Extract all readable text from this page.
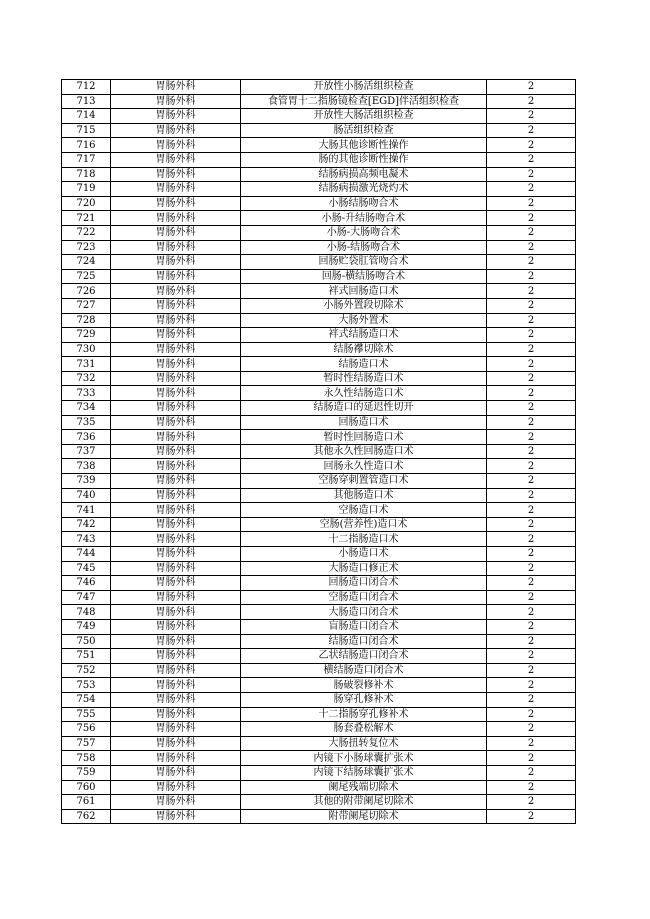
712	胃肠外科	开放性小肠活组织检查	2
713	胃肠外科	食管胃十二指肠镜检查[EGD]伴活组织检查	2
714	胃肠外科	开放性大肠活组织检查	2
715	胃肠外科	肠活组织检查	2
716	胃肠外科	大肠其他诊断性操作	2
717	胃肠外科	肠的其他诊断性操作	2
718	胃肠外科	结肠病损高频电凝术	2
719	胃肠外科	结肠病损激光烧灼术	2
720	胃肠外科	小肠结肠吻合术	2
721	胃肠外科	小肠-升结肠吻合术	2
722	胃肠外科	小肠-大肠吻合术	2
723	胃肠外科	小肠-结肠吻合术	2
724	胃肠外科	回肠贮袋肛管吻合术	2
725	胃肠外科	回肠-横结肠吻合术	2
726	胃肠外科	袢式回肠造口术	2
727	胃肠外科	小肠外置段切除术	2
728	胃肠外科	大肠外置术	2
729	胃肠外科	袢式结肠造口术	2
730	胃肠外科	结肠襻切除术	2
731	胃肠外科	结肠造口术	2
732	胃肠外科	暂时性结肠造口术	2
733	胃肠外科	永久性结肠造口术	2
734	胃肠外科	结肠造口的延迟性切开	2
735	胃肠外科	回肠造口术	2
736	胃肠外科	暂时性回肠造口术	2
737	胃肠外科	其他永久性回肠造口术	2
738	胃肠外科	回肠永久性造口术	2
739	胃肠外科	空肠穿刺置管造口术	2
740	胃肠外科	其他肠造口术	2
741	胃肠外科	空肠造口术	2
742	胃肠外科	空肠(营养性)造口术	2
743	胃肠外科	十二指肠造口术	2
744	胃肠外科	小肠造口术	2
745	胃肠外科	大肠造口修正术	2
746	胃肠外科	回肠造口闭合术	2
747	胃肠外科	空肠造口闭合术	2
748	胃肠外科	大肠造口闭合术	2
749	胃肠外科	盲肠造口闭合术	2
750	胃肠外科	结肠造口闭合术	2
751	胃肠外科	乙状结肠造口闭合术	2
752	胃肠外科	横结肠造口闭合术	2
753	胃肠外科	肠破裂修补术	2
754	胃肠外科	肠穿孔修补术	2
755	胃肠外科	十二指肠穿孔修补术	2
756	胃肠外科	肠套叠松解术	2
757	胃肠外科	大肠扭转复位术	2
758	胃肠外科	内镜下小肠球囊扩张术	2
759	胃肠外科	内镜下结肠球囊扩张术	2
760	胃肠外科	阑尾残端切除术	2
761	胃肠外科	其他的附带阑尾切除术	2
762	胃肠外科	附带阑尾切除术	2
